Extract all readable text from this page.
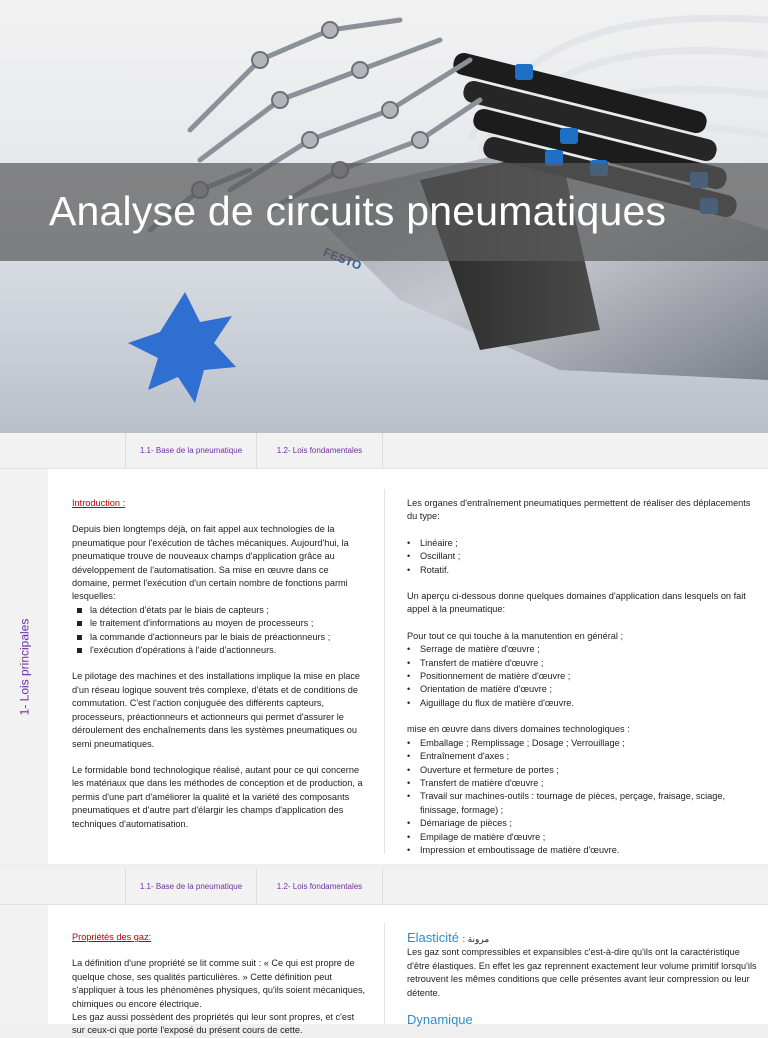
Analyse de circuits pneumatiques
1.1- Base de la pneumatique	1.2- Lois fondamentales
1- Lois principales
Introduction :
Depuis bien longtemps déjà, on fait appel aux technologies de la pneumatique pour l'exécution de tâches mécaniques. Aujourd'hui, la pneumatique trouve de nouveaux champs d'application grâce au développement de l'automatisation. Sa mise en œuvre dans ce domaine, permet l'exécution d'un certain nombre de fonctions parmi lesquelles:
la détection d'états par le biais de capteurs ;
le traitement d'informations au moyen de processeurs ;
la commande d'actionneurs par le biais de préactionneurs ;
l'exécution d'opérations à l'aide d'actionneurs.
Le pilotage des machines et des installations implique la mise en place d'un réseau logique souvent très complexe, d'états et de conditions de commutation. C'est l'action conjuguée des différents capteurs, processeurs, préactionneurs et actionneurs qui permet d'assurer le déroulement des enchaînements dans les systèmes pneumatiques ou semi pneumatiques.
Le formidable bond technologique réalisé, autant pour ce qui concerne les matériaux que dans les méthodes de conception et de production, a permis d'une part d'améliorer la qualité et la variété des composants pneumatiques et d'autre part d'élargir les champs d'application des techniques d'automatisation.
Les organes d'entraînement pneumatiques permettent de réaliser des déplacements du type:
• Linéaire ;
• Oscillant ;
• Rotatif.
Un aperçu ci-dessous donne quelques domaines d'application dans lesquels on fait appel à la pneumatique:
Pour tout ce qui touche à la manutention en général ;
• Serrage de matière d'œuvre ;
• Transfert de matière d'œuvre ;
• Positionnement de matière d'œuvre ;
• Orientation de matière d'œuvre ;
• Aiguillage du flux de matière d'œuvre.
mise en œuvre dans divers domaines technologiques :
• Emballage ; Remplissage ; Dosage ; Verrouillage ;
• Entraînement d'axes ;
• Ouverture et fermeture de portes ;
• Transfert de matière d'œuvre ;
• Travail sur machines-outils : tournage de pièces, perçage, fraisage, sciage, finissage, formage) ;
• Démariage de pièces ;
• Empilage de matière d'œuvre ;
• Impression et emboutissage de matière d'œuvre.
1.1- Base de la pneumatique	1.2- Lois fondamentales
Propriétés des gaz:
La définition d'une propriété se lit comme suit : « Ce qui est propre de quelque chose, ses qualités particulières. » Cette définition peut s'appliquer à tous les phénomènes physiques, qu'ils soient mécaniques, chimiques ou encore électrique.
Les gaz aussi possèdent des propriétés qui leur sont propres, et c'est sur ceux-ci que porte l'exposé du présent cours de cette.
Elasticité : مرونة
Les gaz sont compressibles et expansibles c'est-à-dire qu'ils ont la caractéristique d'être élastiques. En effet les gaz reprennent exactement leur volume primitif lorsqu'ils retrouvent les mêmes conditions que celle présentes avant leur compression ou leur détente.
Dynamique
